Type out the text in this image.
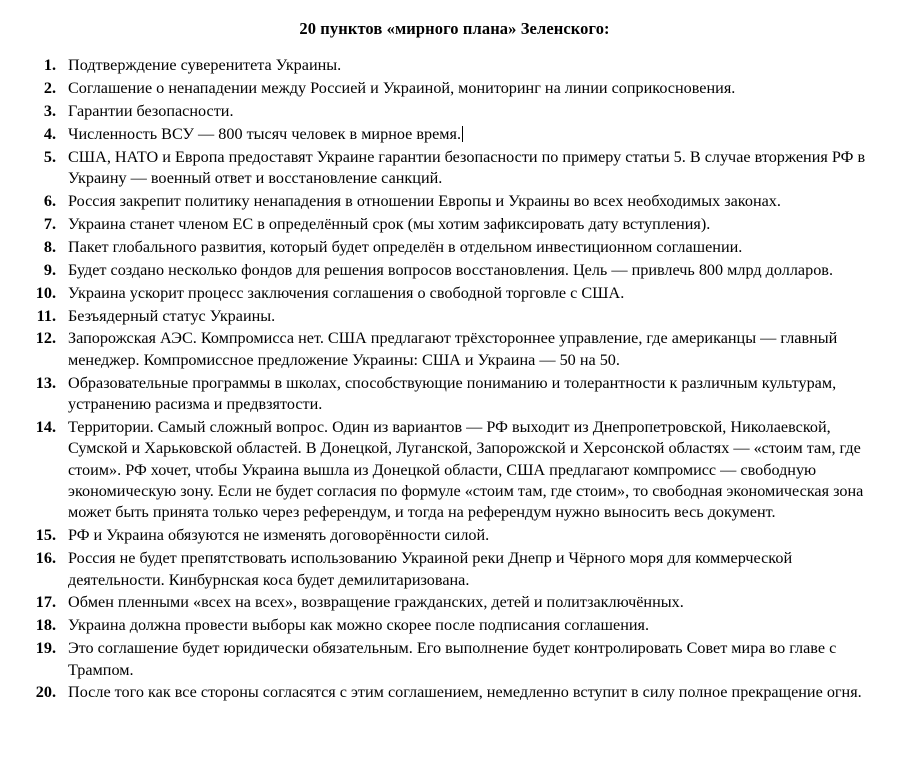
20 пунктов «мирного плана» Зеленского:
1. Подтверждение суверенитета Украины.
2. Соглашение о ненападении между Россией и Украиной, мониторинг на линии соприкосновения.
3. Гарантии безопасности.
4. Численность ВСУ — 800 тысяч человек в мирное время.
5. США, НАТО и Европа предоставят Украине гарантии безопасности по примеру статьи 5. В случае вторжения РФ в Украину — военный ответ и восстановление санкций.
6. Россия закрепит политику ненападения в отношении Европы и Украины во всех необходимых законах.
7. Украина станет членом ЕС в определённый срок (мы хотим зафиксировать дату вступления).
8. Пакет глобального развития, который будет определён в отдельном инвестиционном соглашении.
9. Будет создано несколько фондов для решения вопросов восстановления. Цель — привлечь 800 млрд долларов.
10. Украина ускорит процесс заключения соглашения о свободной торговле с США.
11. Безъядерный статус Украины.
12. Запорожская АЭС. Компромисса нет. США предлагают трёхстороннее управление, где американцы — главный менеджер. Компромиссное предложение Украины: США и Украина — 50 на 50.
13. Образовательные программы в школах, способствующие пониманию и толерантности к различным культурам, устранению расизма и предвзятости.
14. Территории. Самый сложный вопрос. Один из вариантов — РФ выходит из Днепропетровской, Николаевской, Сумской и Харьковской областей. В Донецкой, Луганской, Запорожской и Херсонской областях — «стоим там, где стоим». РФ хочет, чтобы Украина вышла из Донецкой области, США предлагают компромисс — свободную экономическую зону. Если не будет согласия по формуле «стоим там, где стоим», то свободная экономическая зона может быть принята только через референдум, и тогда на референдум нужно выносить весь документ.
15. РФ и Украина обязуются не изменять договорённости силой.
16. Россия не будет препятствовать использованию Украиной реки Днепр и Чёрного моря для коммерческой деятельности. Кинбурнская коса будет демилитаризована.
17. Обмен пленными «всех на всех», возвращение гражданских, детей и политзаключённых.
18. Украина должна провести выборы как можно скорее после подписания соглашения.
19. Это соглашение будет юридически обязательным. Его выполнение будет контролировать Совет мира во главе с Трампом.
20. После того как все стороны согласятся с этим соглашением, немедленно вступит в силу полное прекращение огня.
